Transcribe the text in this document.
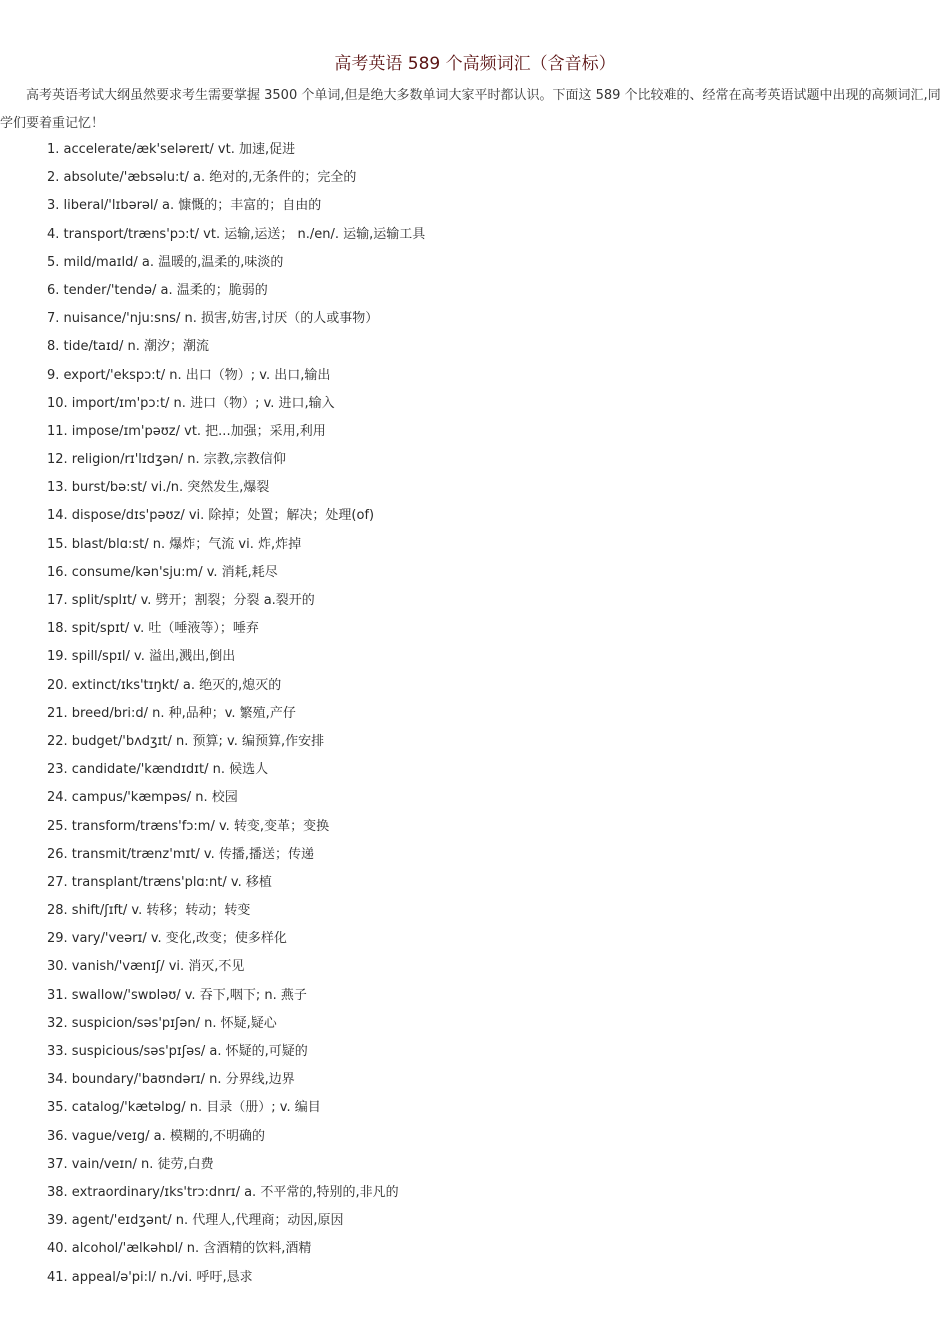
高考英语 589 个高频词汇（含音标）

高考英语考试大纲虽然要求考生需要掌握 3500 个单词,但是绝大多数单词大家平时都认识。下面这 589 个比较难的、经常在高考英语试题中出现的高频词汇,同学们要着重记忆！

1. accelerate/æk'seləreɪt/ vt. 加速,促进
2. absolute/'æbsəlu:t/ a. 绝对的,无条件的；完全的
3. liberal/'lɪbərəl/ a. 慷慨的；丰富的；自由的
4. transport/træns'pɔ:t/ vt. 运输,运送； n./en/. 运输,运输工具
5. mild/maɪld/ a. 温暖的,温柔的,味淡的
6. tender/'tendə/ a. 温柔的；脆弱的
7. nuisance/'nju:sns/ n. 损害,妨害,讨厌（的人或事物）
8. tide/taɪd/ n. 潮汐；潮流
9. export/'ekspɔ:t/ n. 出口（物）; v. 出口,输出
10. import/ɪm'pɔ:t/ n. 进口（物）; v. 进口,输入
11. impose/ɪm'pəʊz/ vt. 把...加强；采用,利用
12. religion/rɪ'lɪdʒən/ n. 宗教,宗教信仰
13. burst/bə:st/ vi./n. 突然发生,爆裂
14. dispose/dɪs'pəʊz/ vi. 除掉；处置；解决；处理(of)
15. blast/blɑ:st/ n. 爆炸；气流 vi. 炸,炸掉
16. consume/kən'sju:m/ v. 消耗,耗尽
17. split/splɪt/ v. 劈开；割裂；分裂 a.裂开的
18. spit/spɪt/ v. 吐（唾液等）；唾弃
19. spill/spɪl/ v. 溢出,溅出,倒出
20. extinct/ɪks'tɪŋkt/ a. 绝灭的,熄灭的
21. breed/bri:d/ n. 种,品种；v. 繁殖,产仔
22. budget/'bʌdʒɪt/ n. 预算; v. 编预算,作安排
23. candidate/'kændɪdɪt/ n. 候选人
24. campus/'kæmpəs/ n. 校园
25. transform/træns'fɔ:m/ v. 转变,变革；变换
26. transmit/trænz'mɪt/ v. 传播,播送；传递
27. transplant/træns'plɑ:nt/ v. 移植
28. shift/ʃɪft/ v. 转移；转动；转变
29. vary/'veərɪ/ v. 变化,改变；使多样化
30. vanish/'vænɪʃ/ vi. 消灭,不见
31. swallow/'swɒləʊ/ v. 吞下,咽下; n. 燕子
32. suspicion/səs'pɪʃən/ n. 怀疑,疑心
33. suspicious/səs'pɪʃəs/ a. 怀疑的,可疑的
34. boundary/'baʊndərɪ/ n. 分界线,边界
35. catalog/'kætəlɒg/ n. 目录（册）; v. 编目
36. vague/veɪg/ a. 模糊的,不明确的
37. vain/veɪn/ n. 徒劳,白费
38. extraordinary/ɪks'trɔ:dnrɪ/ a. 不平常的,特别的,非凡的
39. agent/'eɪdʒənt/ n. 代理人,代理商；动因,原因
40. alcohol/'ælkəhɒl/ n. 含酒精的饮料,酒精
41. appeal/ə'pi:l/ n./vi. 呼吁,恳求
